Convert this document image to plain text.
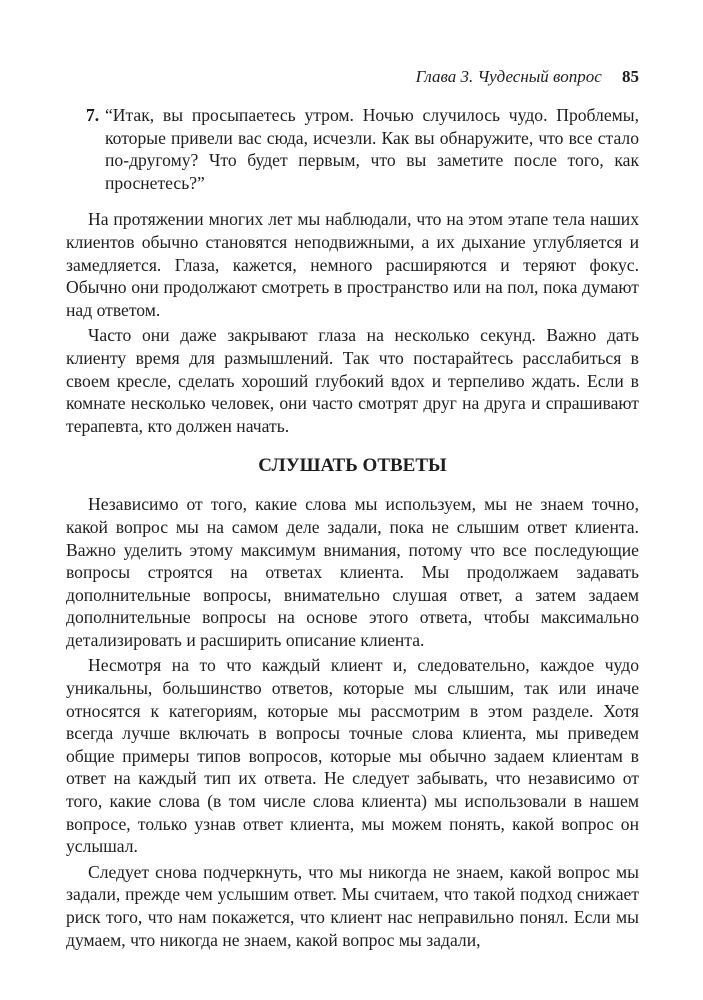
Глава 3. Чудесный вопрос 85
7. “Итак, вы просыпаетесь утром. Ночью случилось чудо. Проблемы, которые привели вас сюда, исчезли. Как вы обнаружите, что все стало по-другому? Что будет первым, что вы заметите после того, как проснетесь?”

На протяжении многих лет мы наблюдали, что на этом этапе тела наших клиентов обычно становятся неподвижными, а их дыхание углубляется и замедляется. Глаза, кажется, немного расширяются и теряют фокус. Обычно они продолжают смотреть в пространство или на пол, пока думают над ответом.

Часто они даже закрывают глаза на несколько секунд. Важно дать клиенту время для размышлений. Так что постарайтесь расслабиться в своем кресле, сделать хороший глубокий вдох и терпеливо ждать. Если в комнате несколько человек, они часто смотрят друг на друга и спрашивают терапевта, кто должен начать.

СЛУШАТЬ ОТВЕТЫ

Независимо от того, какие слова мы используем, мы не знаем точно, какой вопрос мы на самом деле задали, пока не слышим ответ клиента. Важно уделить этому максимум внимания, потому что все последующие вопросы строятся на ответах клиента. Мы продолжаем задавать дополнительные вопросы, внимательно слушая ответ, а затем задаем дополнительные вопросы на основе этого ответа, чтобы максимально детализировать и расширить описание клиента.

Несмотря на то что каждый клиент и, следовательно, каждое чудо уникальны, большинство ответов, которые мы слышим, так или иначе относятся к категориям, которые мы рассмотрим в этом разделе. Хотя всегда лучше включать в вопросы точные слова клиента, мы приведем общие примеры типов вопросов, которые мы обычно задаем клиентам в ответ на каждый тип их ответа. Не следует забывать, что независимо от того, какие слова (в том числе слова клиента) мы использовали в нашем вопросе, только узнав ответ клиента, мы можем понять, какой вопрос он услышал.

Следует снова подчеркнуть, что мы никогда не знаем, какой вопрос мы задали, прежде чем услышим ответ. Мы считаем, что такой подход снижает риск того, что нам покажется, что клиент нас неправильно понял. Если мы думаем, что никогда не знаем, какой вопрос мы задали,
